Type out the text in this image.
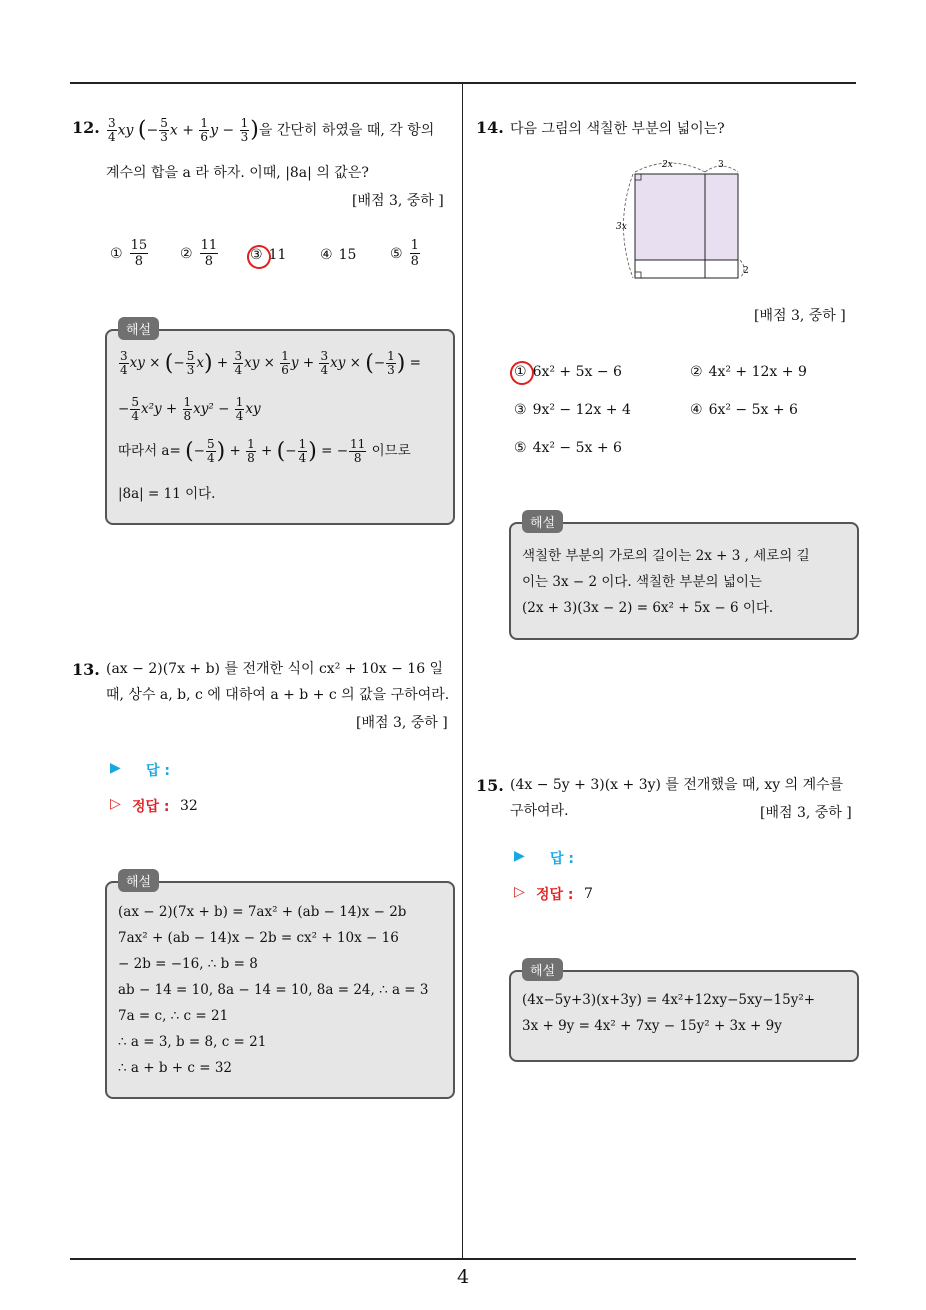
4
12. $\frac{3}{4}$ xy (− $\frac{5}{3}$ $x + \frac{1}{6}$ $y - \frac{1}{3}$ )을 간단히 하였을 때, 각 항의
계수의 합을 a 라 하자. 이때, |8a| 의 값은?
[배점 3, 중하 ]
① $\frac{15}{8}$ ② $\frac{11}{8}$ ③ 11 ④ 15 ⑤ $\frac{1}{8}$
해설
$\frac{3}{4}$ xy × (− $\frac{5}{3} x) + \frac{3}{4}$ xy × $\frac{1}{6}$ $y + \frac{3}{4}$ xy × (− $\frac{1}{3}$ ) =
− $\frac{5}{4} x^2y + \frac{1}{8} xy^2 - \frac{1}{4}$ xy
따라서 a= (− $\frac{5}{4}$ ) + $\frac{1}{8}$ + (− $\frac{1}{4}$ ) = − $\frac{11}{8}$ 이므로
|8a| = 11 이다.
13. (ax − 2)(7x + b) 를 전개한 식이 cx² + 10x − 16 일
때, 상수 a, b, c 에 대하여 a + b + c 의 값을 구하여라.
[배점 3, 중하 ]
▶ 답 :
▷ 정답 : 32
해설
(ax − 2)(7x + b) = 7ax² + (ab − 14)x − 2b
7ax² + (ab − 14)x − 2b = cx² + 10x − 16
− 2b = −16, ∴ b = 8
ab − 14 = 10, 8a − 14 = 10, 8a = 24, ∴ a = 3
7a = c, ∴ c = 21
∴ a = 3, b = 8, c = 21
∴ a + b + c = 32
14. 다음 그림의 색칠한 부분의 넓이는?
2x	3
3x
2
[배점 3, 중하 ]
① 6x² + 5x − 6	② 4x² + 12x + 9
③ 9x² − 12x + 4	④ 6x² − 5x + 6
⑤ 4x² − 5x + 6
해설
색칠한 부분의 가로의 길이는 2x + 3 , 세로의 길
이는 3x − 2 이다. 색칠한 부분의 넓이는
(2x + 3)(3x − 2) = 6x² + 5x − 6 이다.
15. (4x − 5y + 3)(x + 3y) 를 전개했을 때, xy 의 계수를
구하여라.	[배점 3, 중하 ]
▶ 답 :
▷ 정답 : 7
해설
(4x−5y+3)(x+3y) = 4x²+12xy−5xy−15y²+
3x + 9y = 4x² + 7xy − 15y² + 3x + 9y
